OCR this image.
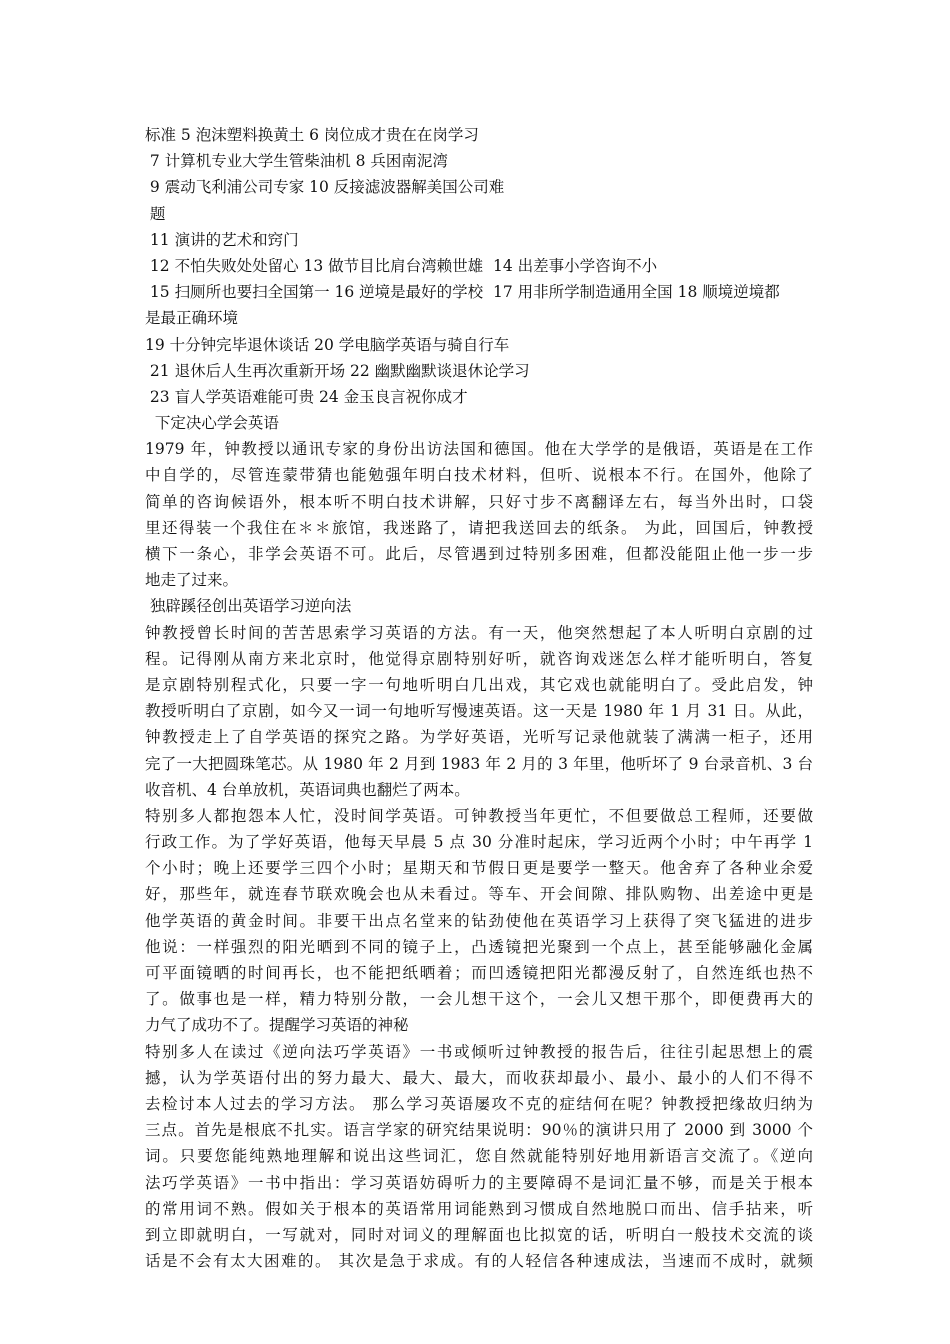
标准 5 泡沫塑料换黄土 6 岗位成才贵在在岗学习
7 计算机专业大学生管柴油机 8 兵困南泥湾
9 震动飞利浦公司专家 10 反接滤波器解美国公司难
题
11 演讲的艺术和窍门
12 不怕失败处处留心 13 做节目比肩台湾赖世雄  14 出差事小学咨询不小
15 扫厕所也要扫全国第一 16 逆境是最好的学校  17 用非所学制造通用全国 18 顺境逆境都
是最正确环境
19 十分钟完毕退休谈话 20 学电脑学英语与骑自行车
21 退休后人生再次重新开场 22 幽默幽默谈退休论学习
23 盲人学英语难能可贵 24 金玉良言祝你成才
下定决心学会英语
1979 年，钟教授以通讯专家的身份出访法国和德国。他在大学学的是俄语，英语是在工作
中自学的，尽管连蒙带猜也能勉强年明白技术材料，但听、说根本不行。在国外，他除了
简单的咨询候语外，根本听不明白技术讲解，只好寸步不离翻译左右，每当外出时，口袋
里还得装一个我住在＊＊旅馆，我迷路了，请把我送回去的纸条。 为此，回国后，钟教授
横下一条心，非学会英语不可。此后，尽管遇到过特别多困难，但都没能阻止他一步一步
地走了过来。
独辟蹊径创出英语学习逆向法
钟教授曾长时间的苦苦思索学习英语的方法。有一天，他突然想起了本人听明白京剧的过
程。记得刚从南方来北京时，他觉得京剧特别好听，就咨询戏迷怎么样才能听明白，答复
是京剧特别程式化，只要一字一句地听明白几出戏，其它戏也就能明白了。受此启发，钟
教授听明白了京剧，如今又一词一句地听写慢速英语。这一天是 1980 年 1 月 31 日。从此，
钟教授走上了自学英语的探究之路。为学好英语，光听写记录他就装了满满一柜子，还用
完了一大把圆珠笔芯。从 1980 年 2 月到 1983 年 2 月的 3 年里，他听坏了 9 台录音机、3 台
收音机、4 台单放机，英语词典也翻烂了两本。
特别多人都抱怨本人忙，没时间学英语。可钟教授当年更忙，不但要做总工程师，还要做
行政工作。为了学好英语，他每天早晨 5 点 30 分准时起床，学习近两个小时；中午再学 1
个小时；晚上还要学三四个小时；星期天和节假日更是要学一整天。他舍弃了各种业余爱
好，那些年，就连春节联欢晚会也从未看过。等车、开会间隙、排队购物、出差途中更是
他学英语的黄金时间。非要干出点名堂来的钻劲使他在英语学习上获得了突飞猛进的进步
他说：一样强烈的阳光晒到不同的镜子上，凸透镜把光聚到一个点上，甚至能够融化金属
可平面镜晒的时间再长，也不能把纸晒着；而凹透镜把阳光都漫反射了，自然连纸也热不
了。做事也是一样，精力特别分散，一会儿想干这个，一会儿又想干那个，即便费再大的
力气了成功不了。提醒学习英语的神秘
特别多人在读过《逆向法巧学英语》一书或倾听过钟教授的报告后，往往引起思想上的震
撼，认为学英语付出的努力最大、最大、最大，而收获却最小、最小、最小的人们不得不
去检讨本人过去的学习方法。 那么学习英语屡攻不克的症结何在呢？钟教授把缘故归纳为
三点。首先是根底不扎实。语言学家的研究结果说明：90％的演讲只用了 2000 到 3000 个
词。只要您能纯熟地理解和说出这些词汇，您自然就能特别好地用新语言交流了。《逆向
法巧学英语》一书中指出：学习英语妨碍听力的主要障碍不是词汇量不够，而是关于根本
的常用词不熟。假如关于根本的英语常用词能熟到习惯成自然地脱口而出、信手拈来，听
到立即就明白，一写就对，同时对词义的理解面也比拟宽的话，听明白一般技术交流的谈
话是不会有太大困难的。 其次是急于求成。有的人轻信各种速成法，当速而不成时，就频
